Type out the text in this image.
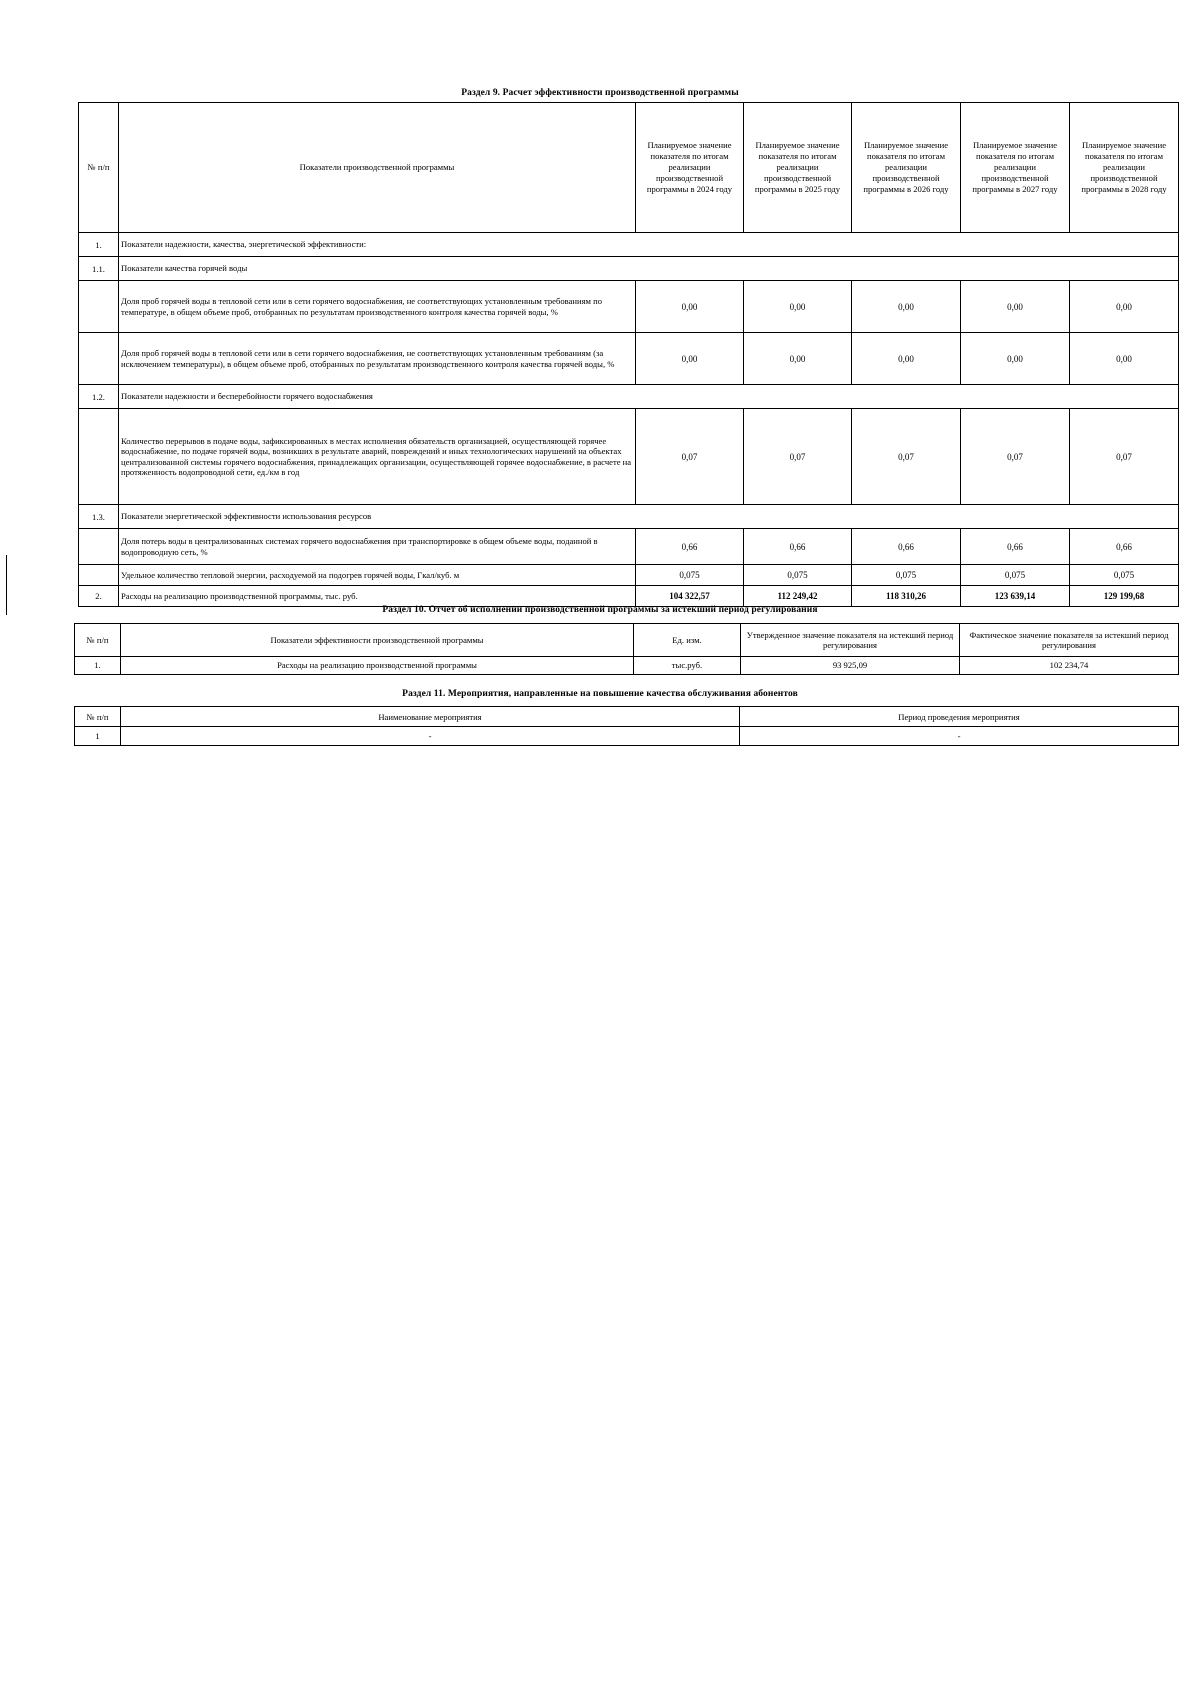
Раздел 9. Расчет эффективности производственной программы
№ п/п	Показатели производственной программы	Планируемое значение показателя по итогам реализации производственной программы в 2024 году	Планируемое значение показателя по итогам реализации производственной программы в 2025 году	Планируемое значение показателя по итогам реализации производственной программы в 2026 году	Планируемое значение показателя по итогам реализации производственной программы в 2027 году	Планируемое значение показателя по итогам реализации производственной программы в 2028 году
1.	Показатели надежности, качества, энергетической эффективности:					
1.1.	Показатели качества горячей воды					
	Доля проб горячей воды в тепловой сети или в сети горячего водоснабжения, не соответствующих установленным требованиям по температуре, в общем объеме проб, отобранных по результатам производственного контроля качества горячей воды, %	0,00	0,00	0,00	0,00	0,00
	Доля проб горячей воды в тепловой сети или в сети горячего водоснабжения, не соответствующих установленным требованиям (за исключением температуры), в общем объеме проб, отобранных по результатам производственного контроля качества горячей воды, %	0,00	0,00	0,00	0,00	0,00
1.2.	Показатели надежности и бесперебойности горячего водоснабжения					
	Количество перерывов в подаче воды, зафиксированных в местах исполнения обязательств организацией, осуществляющей горячее водоснабжение, по подаче горячей воды, возникших в результате аварий, повреждений и иных технологических нарушений на объектах централизованной системы горячего водоснабжения, принадлежащих организации, осуществляющей горячее водоснабжение, в расчете на протяженность водопроводной сети, ед./км в год	0,07	0,07	0,07	0,07	0,07
1.3.	Показатели энергетической эффективности использования ресурсов					
	Доля потерь воды в централизованных системах горячего водоснабжения при транспортировке в общем объеме воды, поданной в водопроводную сеть, %	0,66	0,66	0,66	0,66	0,66
	Удельное количество тепловой энергии, расходуемой на подогрев горячей воды, Гкал/куб. м	0,075	0,075	0,075	0,075	0,075
2.	Расходы на реализацию производственной программы, тыс. руб.	104 322,57	112 249,42	118 310,26	123 639,14	129 199,68
Раздел 10. Отчет об исполнении производственной программы за истекший период регулирования
№ п/п	Показатели эффективности производственной программы	Ед. изм.	Утвержденное значение показателя на истекший период регулирования	Фактическое значение показателя за истекший период регулирования
1.	Расходы на реализацию производственной программы	тыс.руб.	93 925,09	102 234,74
Раздел 11. Мероприятия, направленные на повышение качества обслуживания абонентов
№ п/п	Наименование мероприятия	Период проведения мероприятия
1	-	-
